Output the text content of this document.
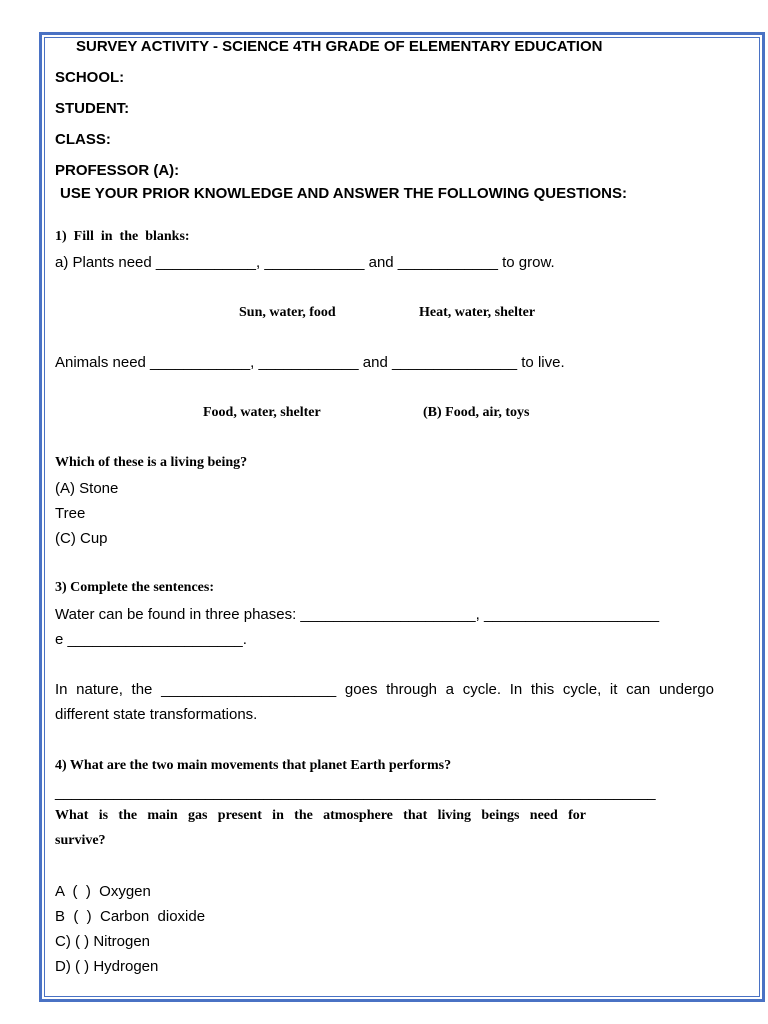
SURVEY ACTIVITY - SCIENCE 4TH GRADE OF ELEMENTARY EDUCATION
SCHOOL:
STUDENT:
CLASS:
PROFESSOR (A):
USE YOUR PRIOR KNOWLEDGE AND ANSWER THE FOLLOWING QUESTIONS:
1)  Fill  in  the  blanks:
a) Plants need ____________, ____________ and ____________ to grow.
Sun, water, food	Heat, water, shelter
Animals need ____________, ____________ and _______________ to live.
Food, water, shelter	(B) Food, air, toys
Which of these is a living being?
(A) Stone
Tree
(C) Cup
3) Complete the sentences:
Water can be found in three phases: _____________________, _____________________
e _____________________.
In nature, the _____________________ goes through a cycle. In this cycle, it can undergo
different state transformations.
4) What are the two main movements that planet Earth performs?
________________________________________________________________________
What is the main gas present in the atmosphere that living beings need for
survive?
A  (  )  Oxygen
B  (  )  Carbon  dioxide
C) ( ) Nitrogen
D) ( ) Hydrogen
